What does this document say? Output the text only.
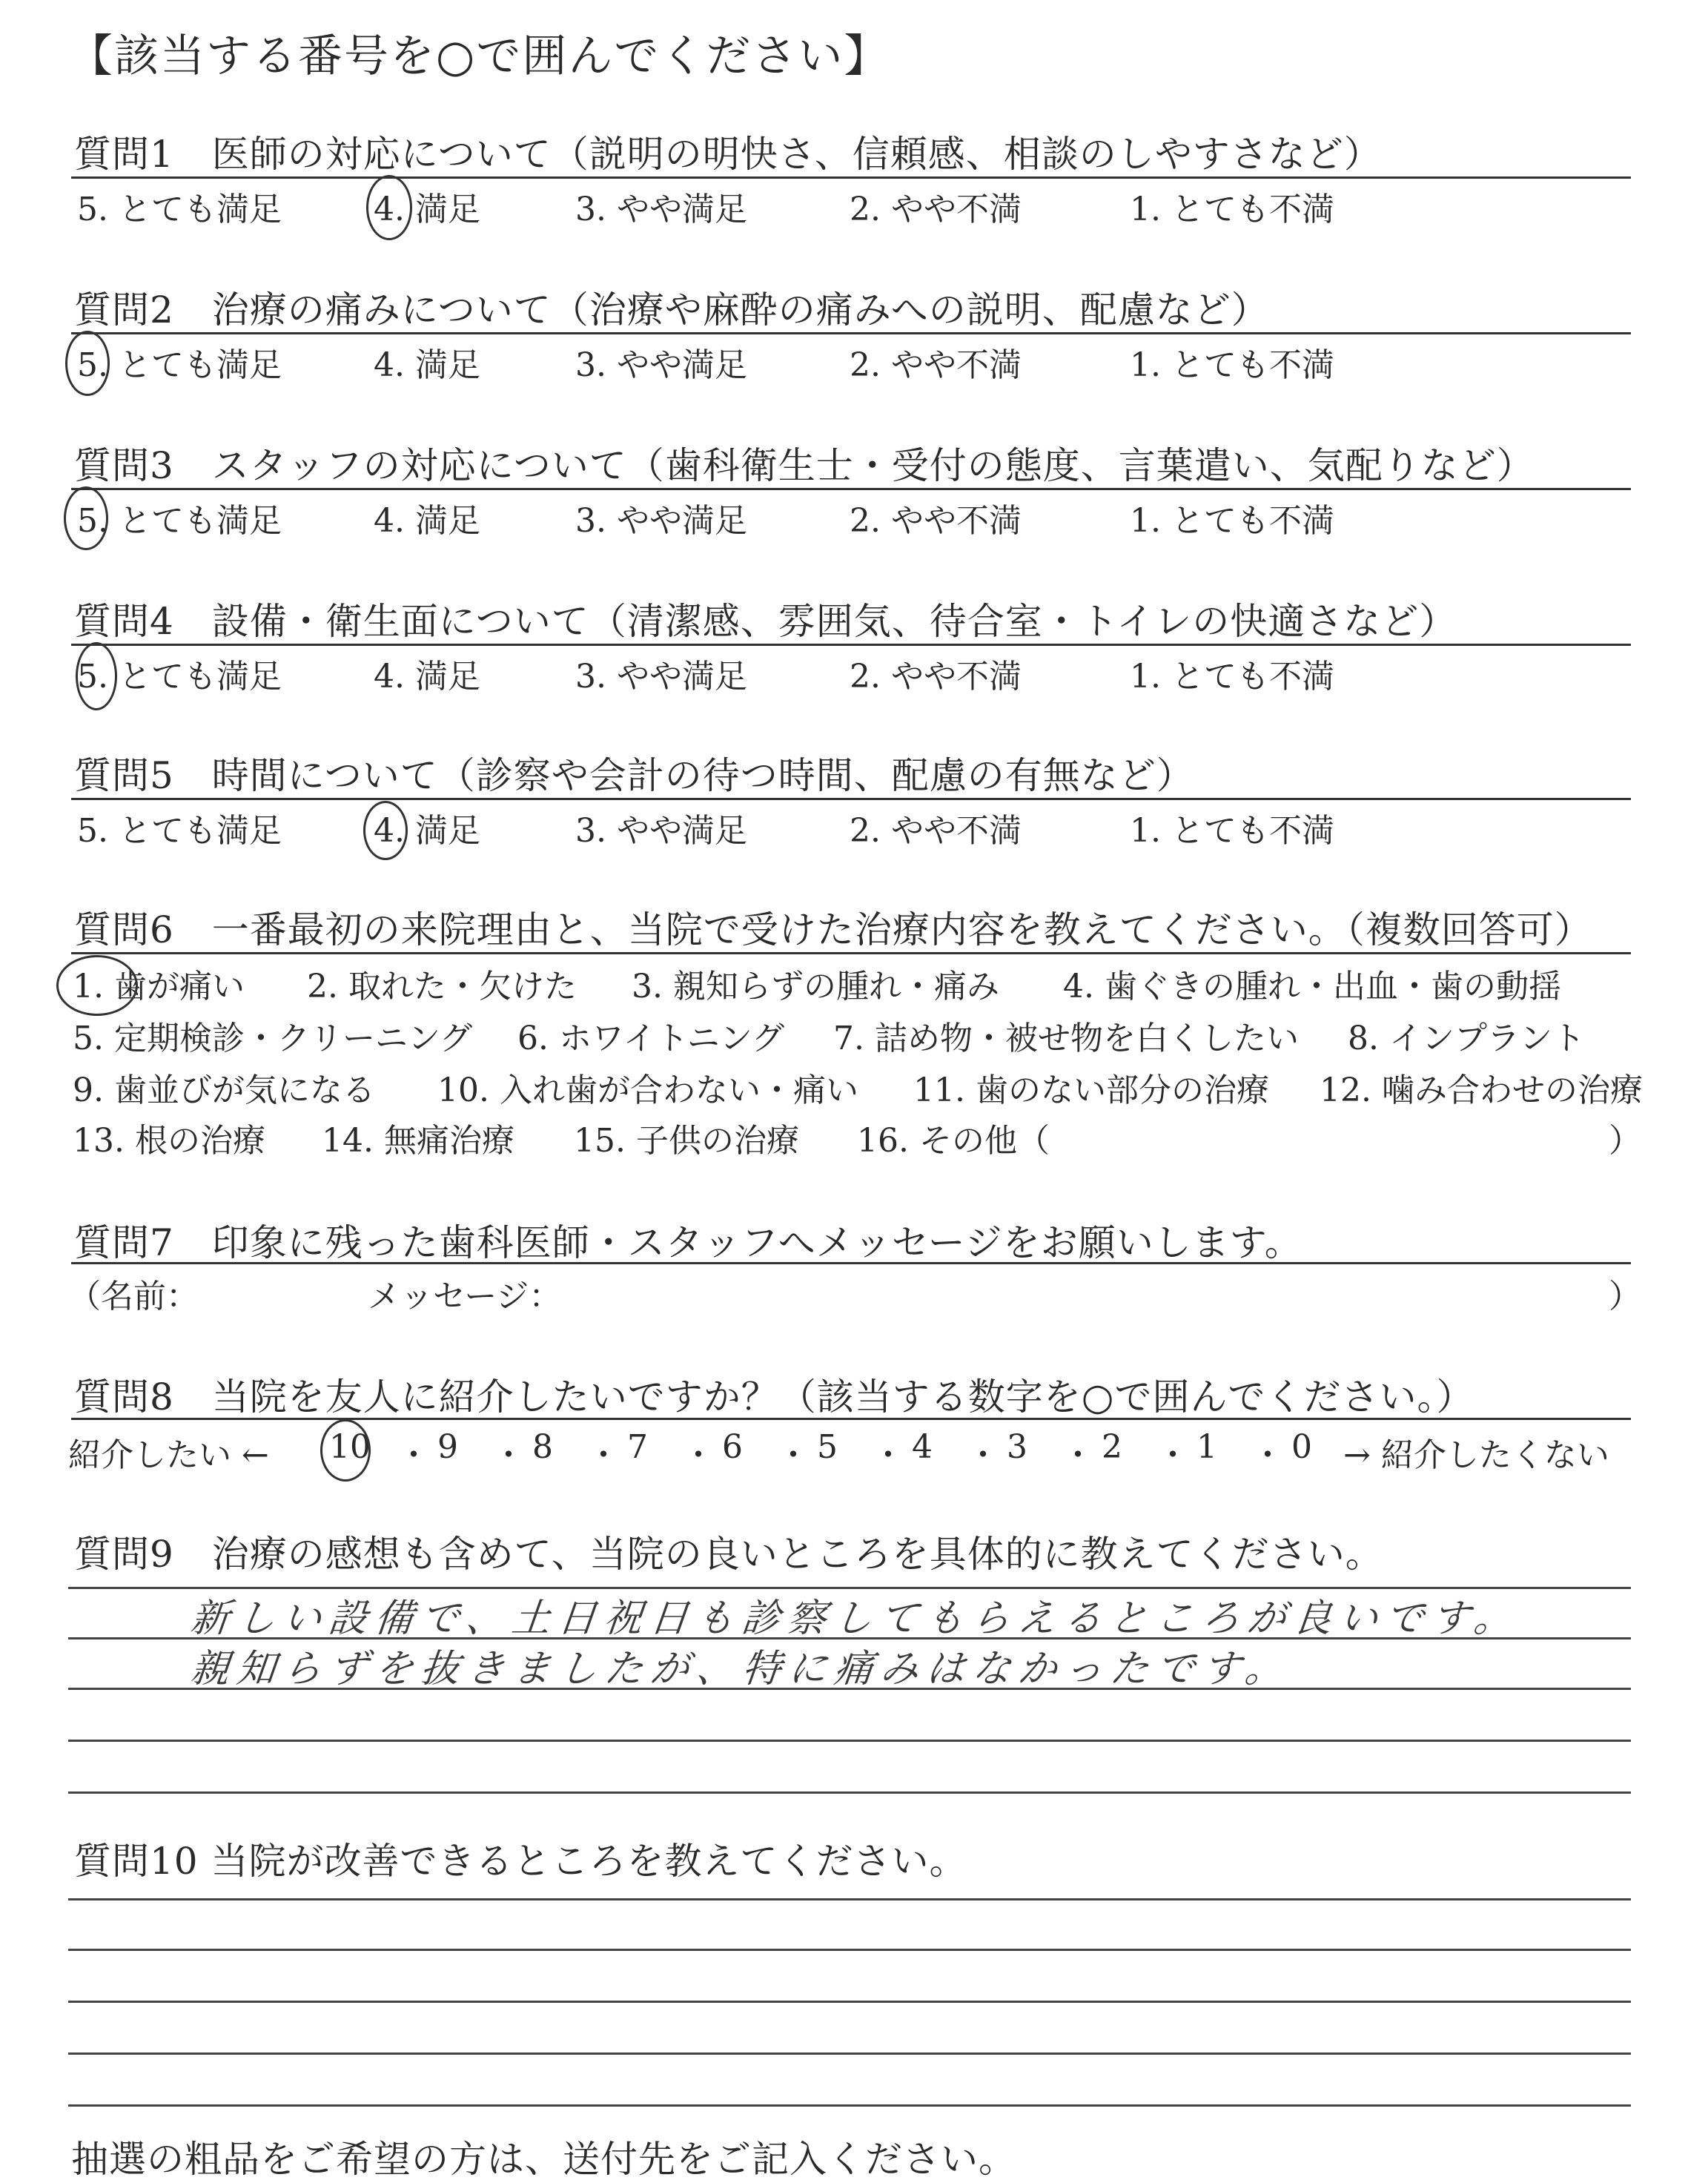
【該当する番号を○で囲んでください】
質問1　医師の対応について（説明の明快さ、信頼感、相談のしやすさなど）
5. とても満足	4. 満足	3. やや満足	2. やや不満	1. とても不満
質問2　治療の痛みについて（治療や麻酔の痛みへの説明、配慮など）
5. とても満足	4. 満足	3. やや満足	2. やや不満	1. とても不満
質問3　スタッフの対応について（歯科衛生士・受付の態度、言葉遣い、気配りなど）
5. とても満足	4. 満足	3. やや満足	2. やや不満	1. とても不満
質問4　設備・衛生面について（清潔感、雰囲気、待合室・トイレの快適さなど）
5. とても満足	4. 満足	3. やや満足	2. やや不満	1. とても不満
質問5　時間について（診察や会計の待つ時間、配慮の有無など）
5. とても満足	4. 満足	3. やや満足	2. やや不満	1. とても不満
質問6　一番最初の来院理由と、当院で受けた治療内容を教えてください。（複数回答可）
1. 歯が痛い 2. 取れた・欠けた 3. 親知らずの腫れ・痛み 4. 歯ぐきの腫れ・出血・歯の動揺
5. 定期検診・クリーニング 6. ホワイトニング 7. 詰め物・被せ物を白くしたい 8. インプラント
9. 歯並びが気になる 10. 入れ歯が合わない・痛い 11. 歯のない部分の治療 12. 噛み合わせの治療
13. 根の治療 14. 無痛治療 15. 子供の治療 16. その他（	）
質問7　印象に残った歯科医師・スタッフへメッセージをお願いします。
（名前：	メッセージ：	）
質問8　当院を友人に紹介したいですか？（該当する数字を○で囲んでください。）
紹介したい ← 10 ・ 9 ・ 8 ・ 7 ・ 6 ・ 5 ・ 4 ・ 3 ・ 2 ・ 1 ・ 0 → 紹介したくない
質問9　治療の感想も含めて、当院の良いところを具体的に教えてください。
新しい設備で、土日祝日も診察してもらえるところが良いです。
親知らずを抜きましたが、特に痛みはなかったです。
質問10 当院が改善できるところを教えてください。
抽選の粗品をご希望の方は、送付先をご記入ください。
